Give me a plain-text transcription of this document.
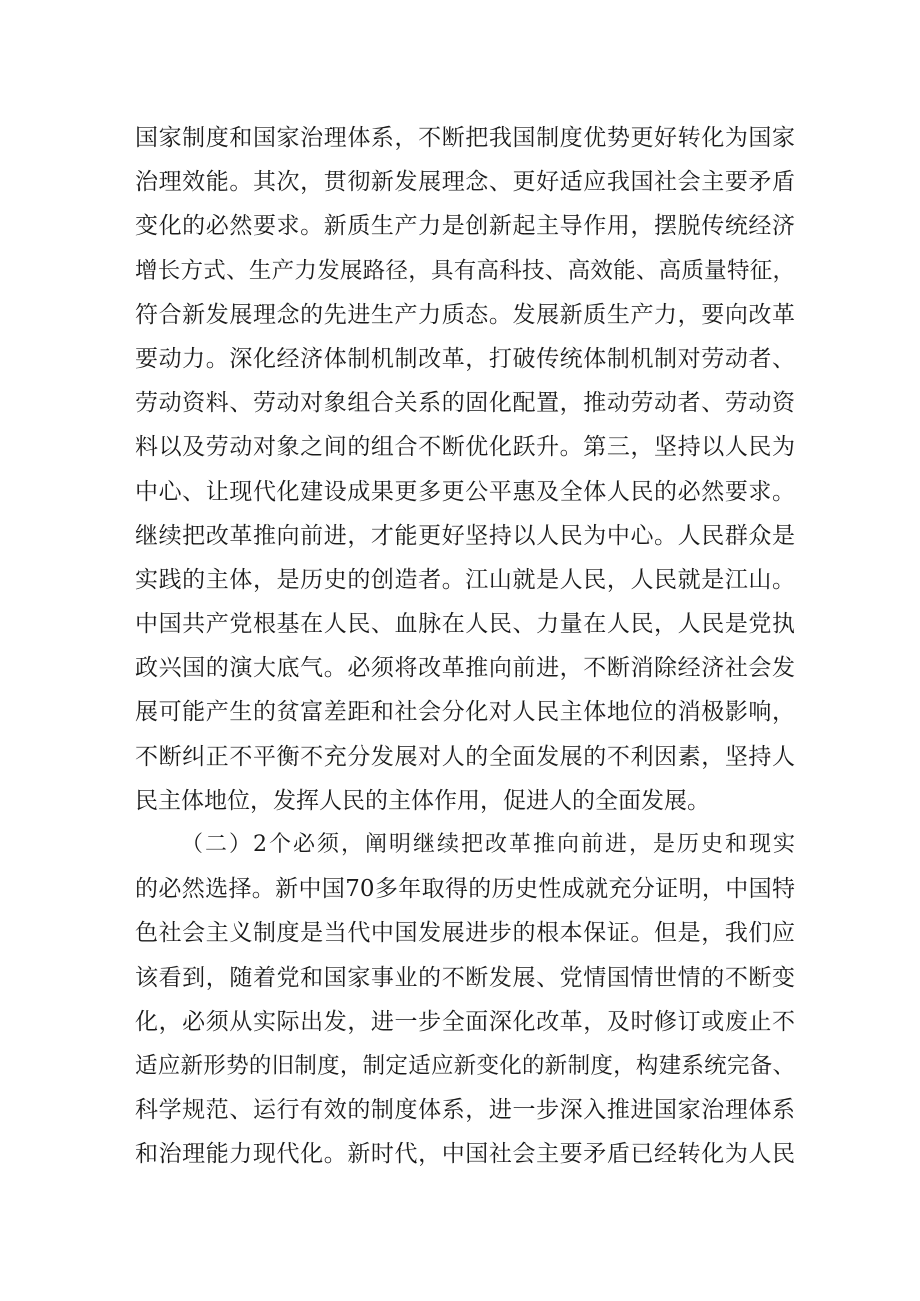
国家制度和国家治理体系，不断把我国制度优势更好转化为国家
治理效能。其次，贯彻新发展理念、更好适应我国社会主要矛盾
变化的必然要求。新质生产力是创新起主导作用，摆脱传统经济
增长方式、生产力发展路径，具有高科技、高效能、高质量特征，
符合新发展理念的先进生产力质态。发展新质生产力，要向改革
要动力。深化经济体制机制改革，打破传统体制机制对劳动者、
劳动资料、劳动对象组合关系的固化配置，推动劳动者、劳动资
料以及劳动对象之间的组合不断优化跃升。第三，坚持以人民为
中心、让现代化建设成果更多更公平惠及全体人民的必然要求。
继续把改革推向前进，才能更好坚持以人民为中心。人民群众是
实践的主体，是历史的创造者。江山就是人民，人民就是江山。
中国共产党根基在人民、血脉在人民、力量在人民，人民是党执
政兴国的演大底气。必须将改革推向前进，不断消除经济社会发
展可能产生的贫富差距和社会分化对人民主体地位的消极影响，
不断纠正不平衡不充分发展对人的全面发展的不利因素，坚持人
民主体地位，发挥人民的主体作用，促进人的全面发展。
（二）2个必须，阐明继续把改革推向前进，是历史和现实
的必然选择。新中国70多年取得的历史性成就充分证明，中国特
色社会主义制度是当代中国发展进步的根本保证。但是，我们应
该看到，随着党和国家事业的不断发展、党情国情世情的不断变
化，必须从实际出发，进一步全面深化改革，及时修订或废止不
适应新形势的旧制度，制定适应新变化的新制度，构建系统完备、
科学规范、运行有效的制度体系，进一步深入推进国家治理体系
和治理能力现代化。新时代，中国社会主要矛盾已经转化为人民
